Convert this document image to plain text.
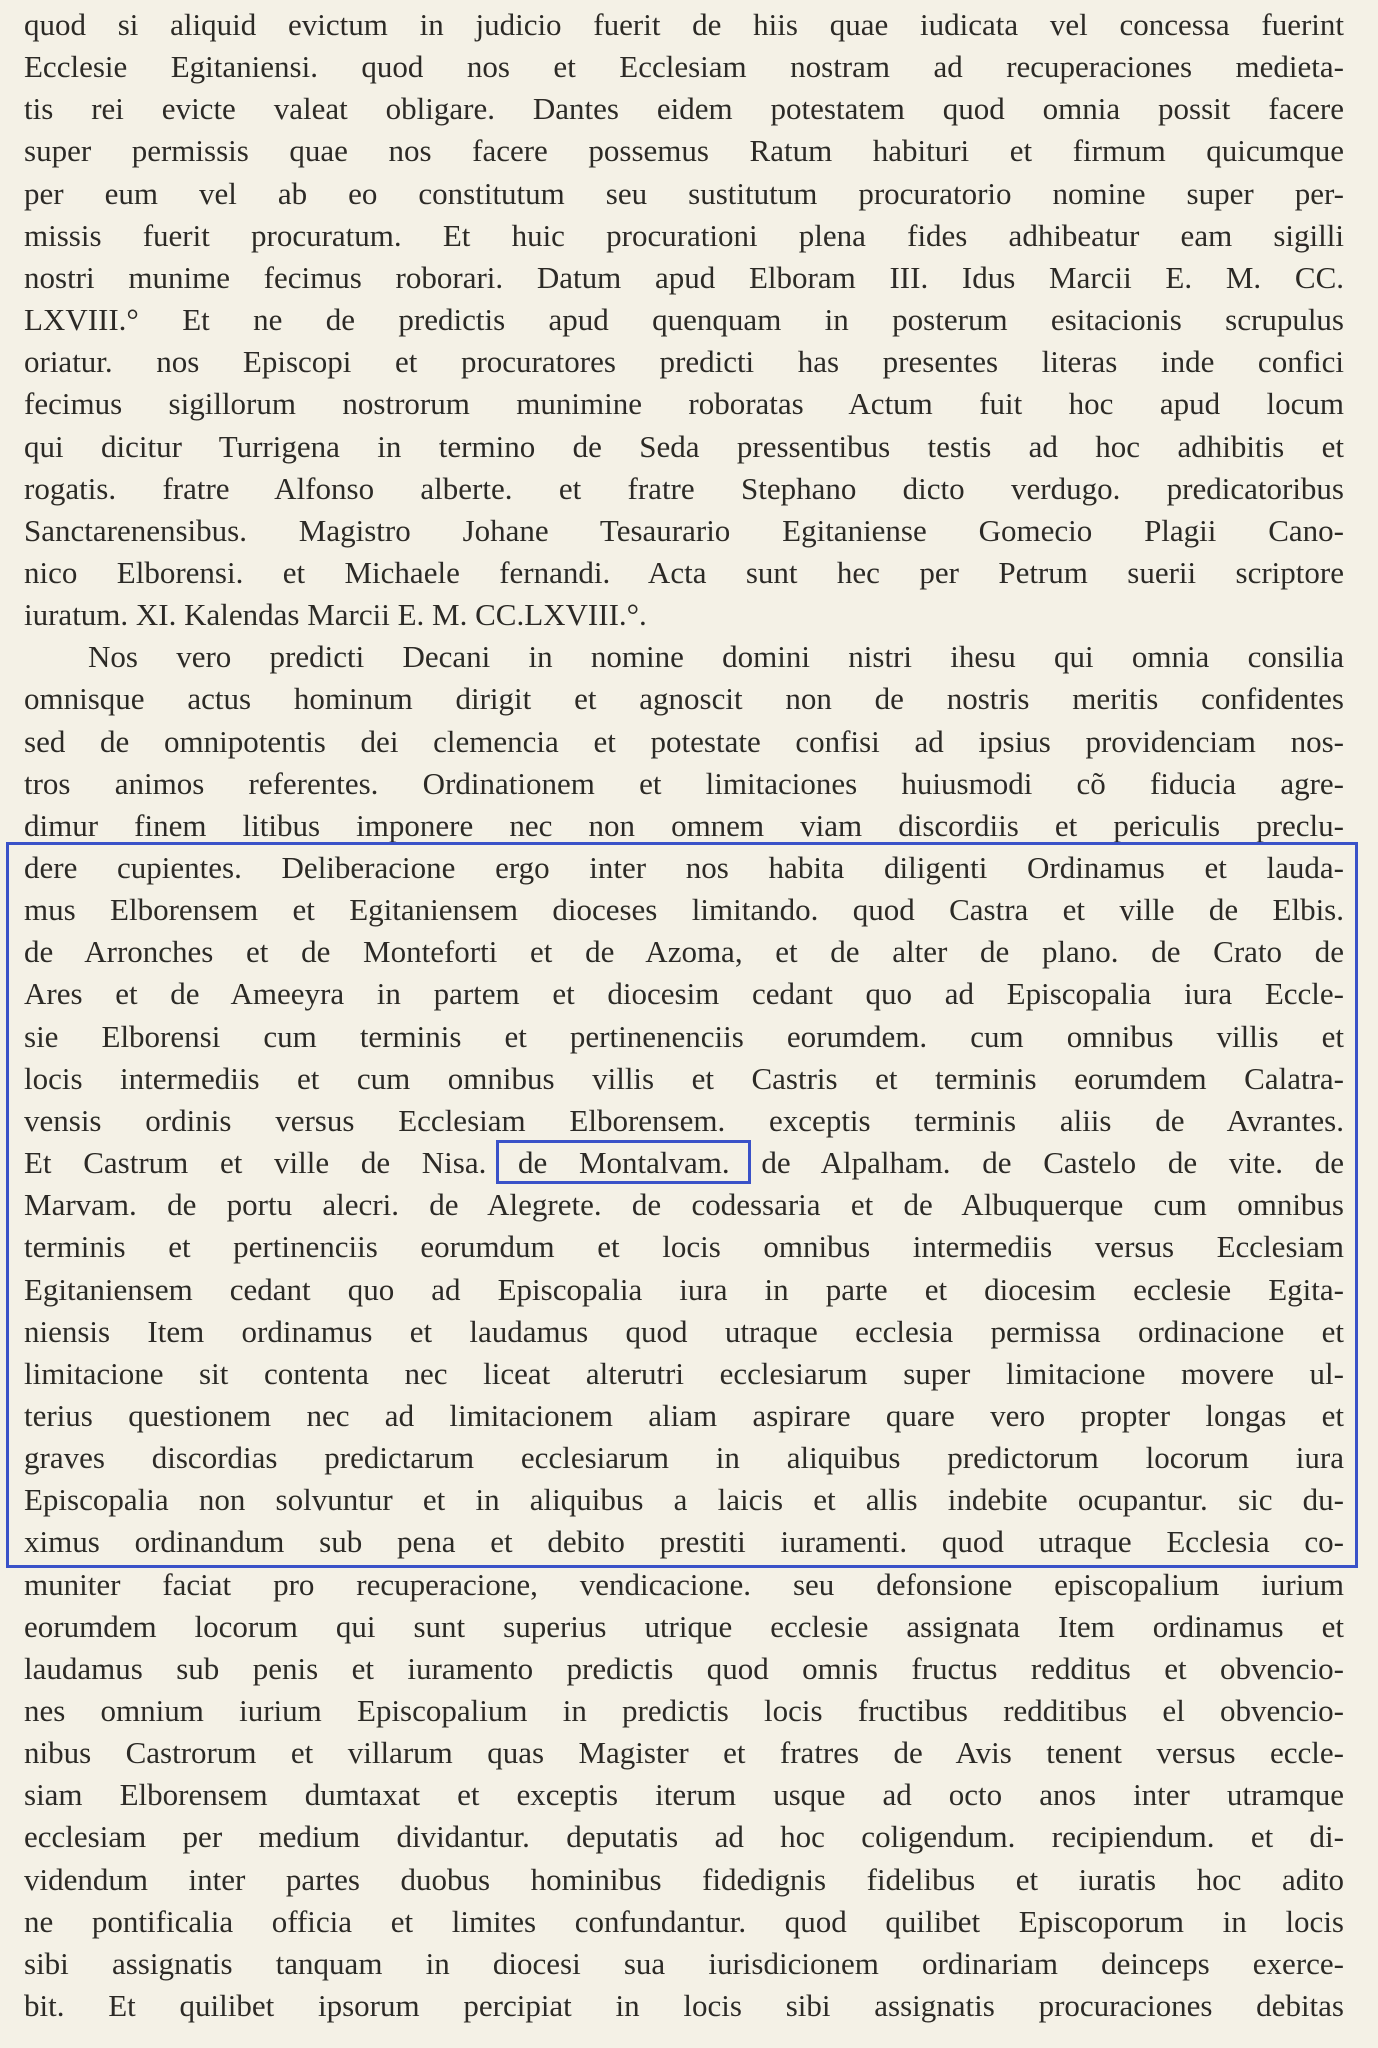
quod si aliquid evictum in judicio fuerit de hiis quae iudicata vel concessa fuerint
Ecclesie Egitaniensi. quod nos et Ecclesiam nostram ad recuperaciones medieta-
tis rei evicte valeat obligare. Dantes eidem potestatem quod omnia possit facere
super permissis quae nos facere possemus Ratum habituri et firmum quicumque
per eum vel ab eo constitutum seu sustitutum procuratorio nomine super per-
missis fuerit procuratum. Et huic procurationi plena fides adhibeatur eam sigilli
nostri munime fecimus roborari. Datum apud Elboram III. Idus Marcii E. M. CC.
LXVIII.° Et ne de predictis apud quenquam in posterum esitacionis scrupulus
oriatur. nos Episcopi et procuratores predicti has presentes literas inde confici
fecimus sigillorum nostrorum munimine roboratas Actum fuit hoc apud locum
qui dicitur Turrigena in termino de Seda pressentibus testis ad hoc adhibitis et
rogatis. fratre Alfonso alberte. et fratre Stephano dicto verdugo. predicatoribus
Sanctarenensibus. Magistro Johane Tesaurario Egitaniense Gomecio Plagii Cano-
nico Elborensi. et Michaele fernandi. Acta sunt hec per Petrum suerii scriptore
iuratum. XI. Kalendas Marcii E. M. CC.LXVIII.°.
Nos vero predicti Decani in nomine domini nistri ihesu qui omnia consilia
omnisque actus hominum dirigit et agnoscit non de nostris meritis confidentes
sed de omnipotentis dei clemencia et potestate confisi ad ipsius providenciam nos-
tros animos referentes. Ordinationem et limitaciones huiusmodi cõ fiducia agre-
dimur finem litibus imponere nec non omnem viam discordiis et periculis preclu-
dere cupientes. Deliberacione ergo inter nos habita diligenti Ordinamus et lauda-
mus Elborensem et Egitaniensem dioceses limitando. quod Castra et ville de Elbis.
de Arronches et de Monteforti et de Azoma, et de alter de plano. de Crato de
Ares et de Ameeyra in partem et diocesim cedant quo ad Episcopalia iura Eccle-
sie Elborensi cum terminis et pertinenenciis eorumdem. cum omnibus villis et
locis intermediis et cum omnibus villis et Castris et terminis eorumdem Calatra-
vensis ordinis versus Ecclesiam Elborensem. exceptis terminis aliis de Avrantes.
Et Castrum et ville de Nisa. de Montalvam. de Alpalham. de Castelo de vite. de
Marvam. de portu alecri. de Alegrete. de codessaria et de Albuquerque cum omnibus
terminis et pertinenciis eorumdum et locis omnibus intermediis versus Ecclesiam
Egitaniensem cedant quo ad Episcopalia iura in parte et diocesim ecclesie Egita-
niensis Item ordinamus et laudamus quod utraque ecclesia permissa ordinacione et
limitacione sit contenta nec liceat alterutri ecclesiarum super limitacione movere ul-
terius questionem nec ad limitacionem aliam aspirare quare vero propter longas et
graves discordias predictarum ecclesiarum in aliquibus predictorum locorum iura
Episcopalia non solvuntur et in aliquibus a laicis et allis indebite ocupantur. sic du-
ximus ordinandum sub pena et debito prestiti iuramenti. quod utraque Ecclesia co-
muniter faciat pro recuperacione, vendicacione. seu defonsione episcopalium iurium
eorumdem locorum qui sunt superius utrique ecclesie assignata Item ordinamus et
laudamus sub penis et iuramento predictis quod omnis fructus redditus et obvencio-
nes omnium iurium Episcopalium in predictis locis fructibus redditibus el obvencio-
nibus Castrorum et villarum quas Magister et fratres de Avis tenent versus eccle-
siam Elborensem dumtaxat et exceptis iterum usque ad octo anos inter utramque
ecclesiam per medium dividantur. deputatis ad hoc coligendum. recipiendum. et di-
videndum inter partes duobus hominibus fidedignis fidelibus et iuratis hoc adito
ne pontificalia officia et limites confundantur. quod quilibet Episcoporum in locis
sibi assignatis tanquam in diocesi sua iurisdicionem ordinariam deinceps exerce-
bit. Et quilibet ipsorum percipiat in locis sibi assignatis procuraciones debitas
